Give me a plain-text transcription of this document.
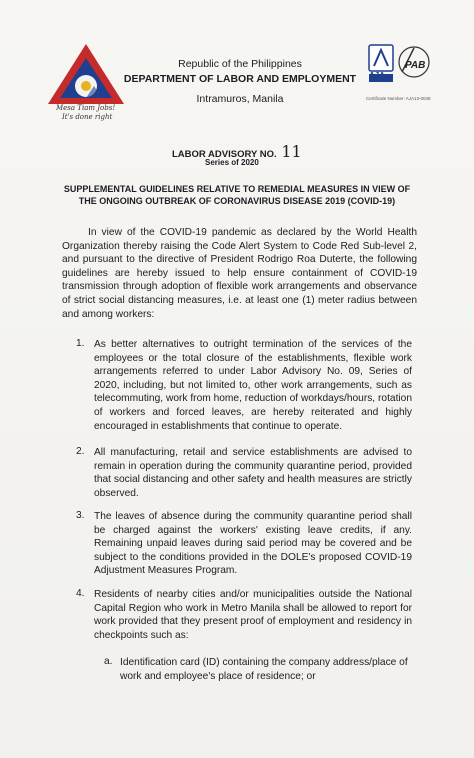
Mesa Tiam Jobs!
It's done right
Republic of the Philippines
DEPARTMENT OF LABOR AND EMPLOYMENT
Intramuros, Manila
AJA
PAB
Certificate Number: AJA13-0048
LABOR ADVISORY NO. 11
Series of 2020
SUPPLEMENTAL GUIDELINES RELATIVE TO REMEDIAL MEASURES IN VIEW OF
THE ONGOING OUTBREAK OF CORONAVIRUS DISEASE 2019 (COVID-19)
In view of the COVID-19 pandemic as declared by the World Health Organization thereby raising the Code Alert System to Code Red Sub-level 2, and pursuant to the directive of President Rodrigo Roa Duterte, the following guidelines are hereby issued to help ensure containment of COVID-19 transmission through adoption of flexible work arrangements and observance of strict social distancing measures, i.e. at least one (1) meter radius between and among workers:
1. As better alternatives to outright termination of the services of the employees or the total closure of the establishments, flexible work arrangements referred to under Labor Advisory No. 09, Series of 2020, including, but not limited to, other work arrangements, such as telecommuting, work from home, reduction of workdays/hours, rotation of workers and forced leaves, are hereby reiterated and highly encouraged in establishments that continue to operate.
2. All manufacturing, retail and service establishments are advised to remain in operation during the community quarantine period, provided that social distancing and other safety and health measures are strictly observed.
3. The leaves of absence during the community quarantine period shall be charged against the workers' existing leave credits, if any. Remaining unpaid leaves during said period may be covered and be subject to the conditions provided in the DOLE's proposed COVID-19 Adjustment Measures Program.
4. Residents of nearby cities and/or municipalities outside the National Capital Region who work in Metro Manila shall be allowed to report for work provided that they present proof of employment and residency in checkpoints such as:
a. Identification card (ID) containing the company address/place of work and employee's place of residence; or
